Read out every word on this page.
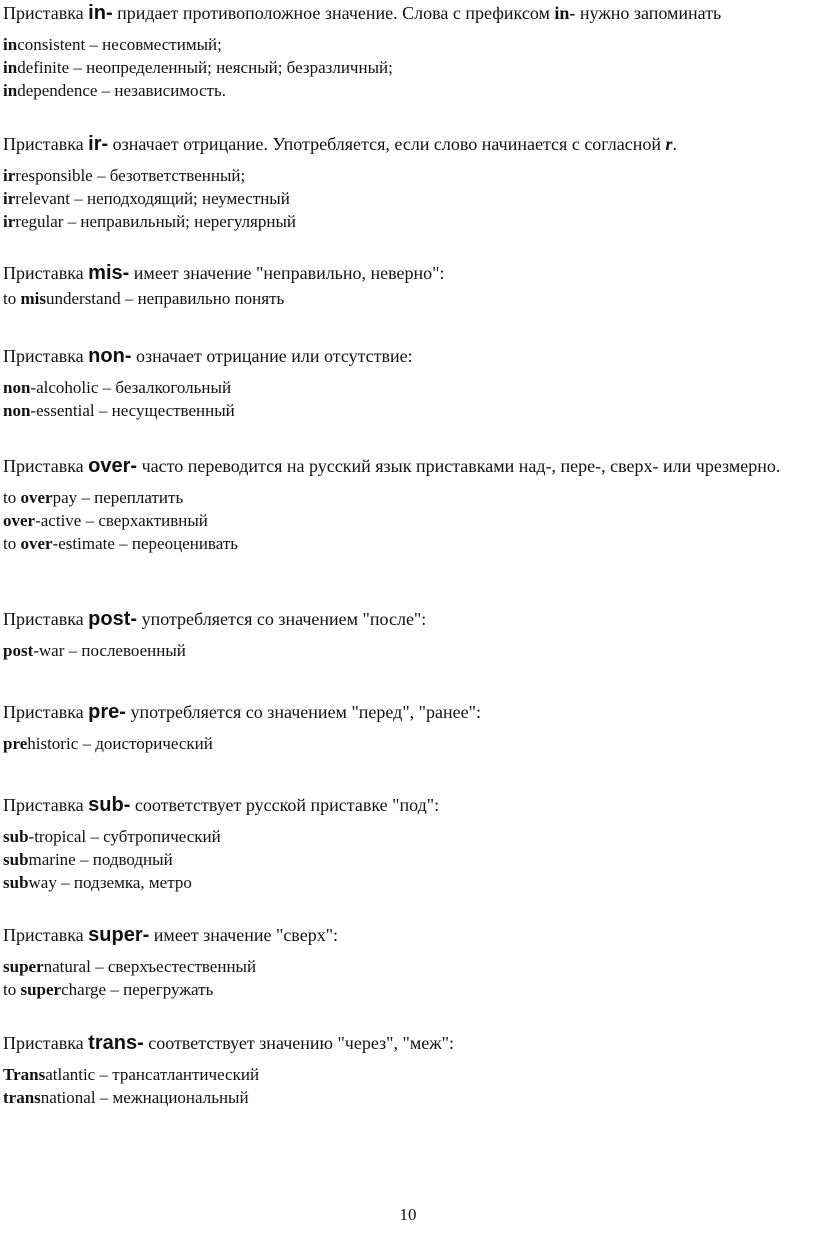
Приставка in- придает противоположное значение. Слова с префиксом in- нужно запоминать
inconsistent – несовместимый;
indefinite – неопределенный; неясный; безразличный;
independence – независимость.
Приставка ir- означает отрицание. Употребляется, если слово начинается с согласной r.
irresponsible – безответственный;
irrelevant – неподходящий; неуместный
irregular – неправильный; нерегулярный
Приставка mis- имеет значение "неправильно, неверно":
to misunderstand – неправильно понять
Приставка non- означает отрицание или отсутствие:
non-alcoholic – безалкогольный
non-essential – несущественный
Приставка over- часто переводится на русский язык приставками над-, пере-, сверх- или чрезмерно.
to overpay – переплатить
over-active – сверхактивный
to over-estimate – переоценивать
Приставка post- употребляется со значением "после":
post-war – послевоенный
Приставка pre- употребляется со значением "перед", "ранее":
prehistoric – доисторический
Приставка sub- соответствует русской приставке "под":
sub-tropical – субтропический
submarine – подводный
subway – подземка, метро
Приставка super- имеет значение "сверх":
supernatural – сверхъестественный
to supercharge – перегружать
Приставка trans- соответствует значению "через", "меж":
Transatlantic – трансатлантический
transnational – межнациональный
10
